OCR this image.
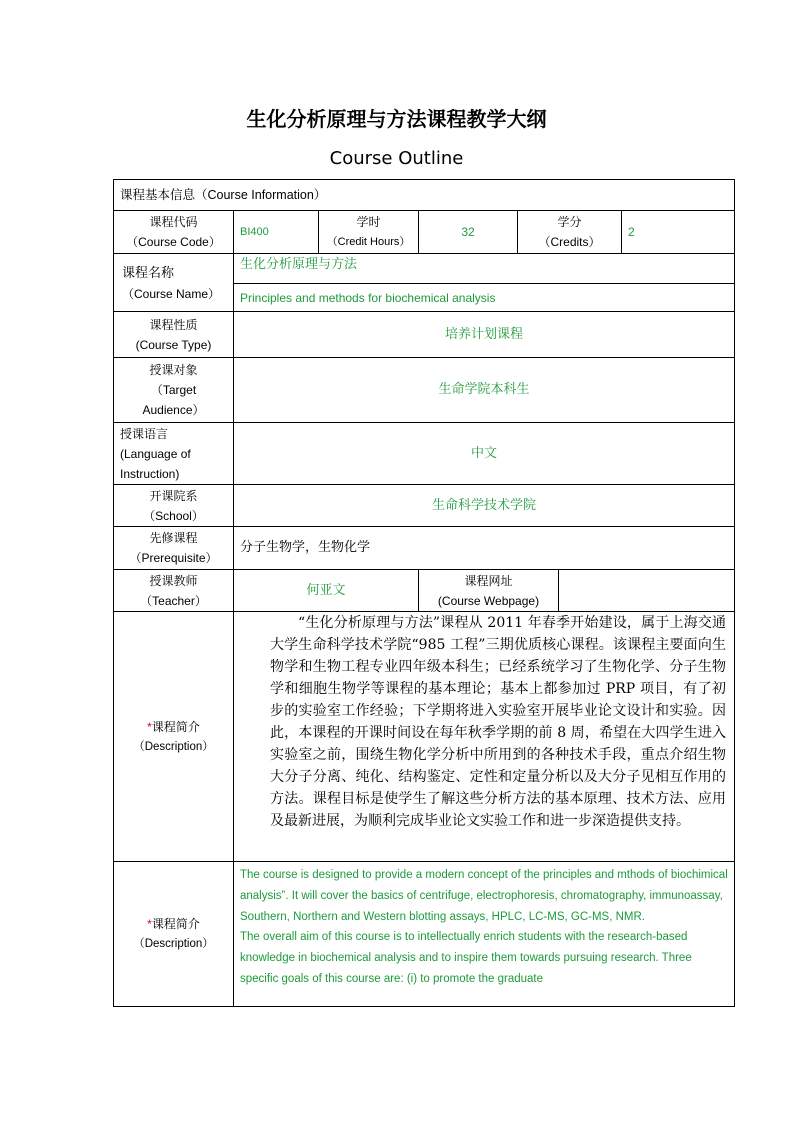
生化分析原理与方法课程教学大纲
Course Outline
课程基本信息（Course Information）
课程代码
（Course Code）
BI400
学时
（Credit Hours）
32
学分
（Credits）
2
课程名称
（Course Name）
生化分析原理与方法
Principles and methods for biochemical analysis
课程性质
(Course Type)
培养计划课程
授课对象
（Target
Audience）
生命学院本科生
授课语言
(Language of
Instruction)
中文
开课院系
（School）
生命科学技术学院
先修课程
（Prerequisite）
分子生物学，生物化学
授课教师
（Teacher）
何亚文
课程网址
(Course Webpage)
*课程简介
（Description）

“生化分析原理与方法”课程从 2011 年春季开始建设，属于上海交通大学生命科学技术学院“985 工程”三期优质核心课程。该课程主要面向生物学和生物工程专业四年级本科生；已经系统学习了生物化学、分子生物学和细胞生物学等课程的基本理论；基本上都参加过 PRP 项目，有了初步的实验室工作经验；下学期将进入实验室开展毕业论文设计和实验。因此，本课程的开课时间设在每年秋季学期的前 8 周，希望在大四学生进入实验室之前，围绕生物化学分析中所用到的各种技术手段，重点介绍生物大分子分离、纯化、结构鉴定、定性和定量分析以及大分子见相互作用的方法。课程目标是使学生了解这些分析方法的基本原理、技术方法、应用及最新进展，为顺利完成毕业论文实验工作和进一步深造提供支持。

*课程简介
（Description）

The course is designed to provide a modern concept of the principles and mthods of biochimical analysis”. It will cover the basics of centrifuge, electrophoresis, chromatography, immunoassay, Southern, Northern and Western blotting assays, HPLC, LC-MS, GC-MS, NMR.

The overall aim of this course is to intellectually enrich students with the research-based knowledge in biochemical analysis and to inspire them towards pursuing research. Three specific goals of this course are: (i) to promote the graduate
